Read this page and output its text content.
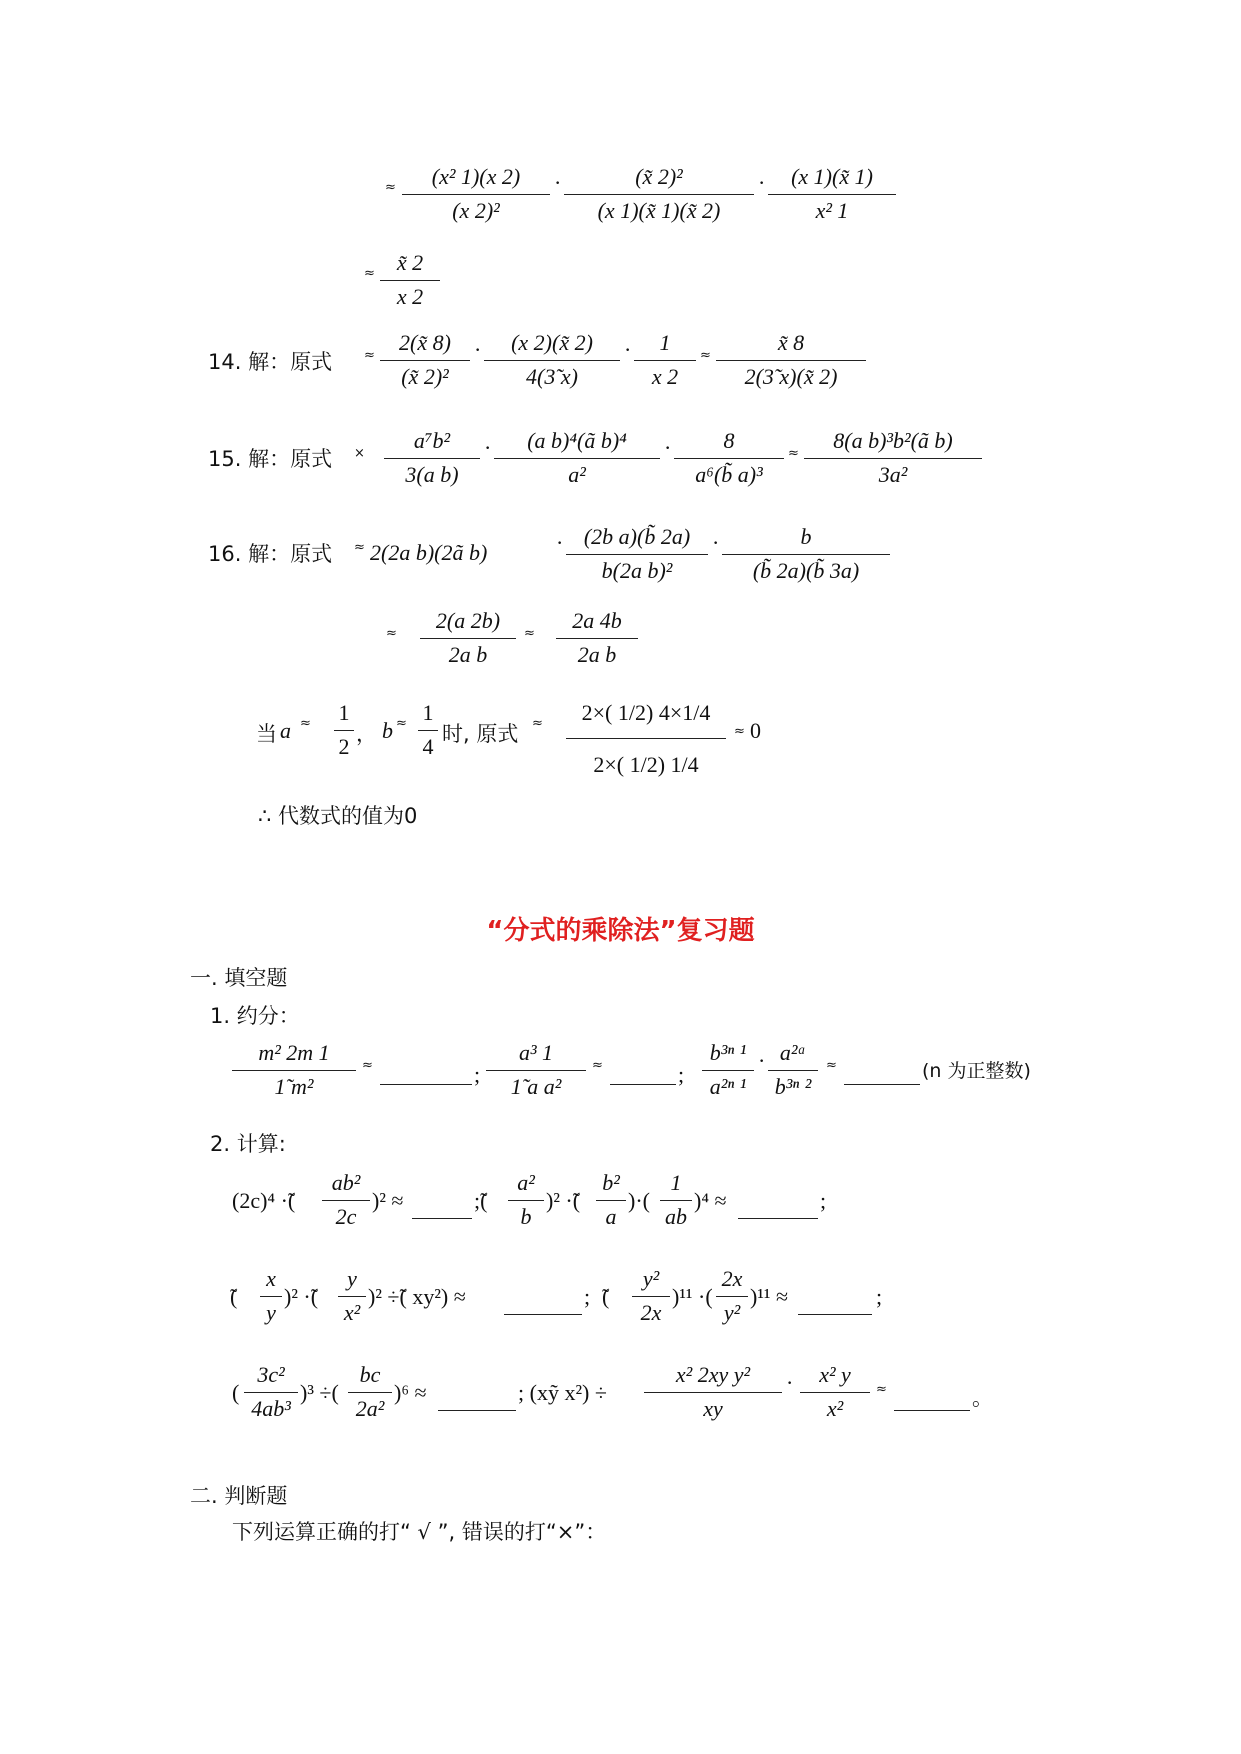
≈	(x² 1)(x 2)
(x 2)²
·	(x̃ 2)²
(x 1)(x̃ 1)(x̃ 2)
·	(x 1)(x̃ 1)
x² 1
≈	x̃ 2
x 2
14. 解：原式 ≈
2(x̃ 8)
(x̃ 2)²
·	(x 2)(x̃ 2)
4(3̃ x)
·	1
x 2
≈
x̃ 8
2(3̃ x)(x̃ 2)
15. 解：原式 ×
a⁷b²
3(a b)
·	(a b)⁴(ã b)⁴
a²
·	8
a⁶(b̃ a)³
≈
8(a b)³b²(ã b)
3a²
16. 解：原式 ≈ 2(2a b)(2ã b)	· (2b a)(b̃ 2a)
b(2a b)²
·	b
(b̃ 2a)(b̃ 3a)
≈
2(a 2b)
2a b
≈
2a 4b
2a b
当 a ≈ 1
2 ， b ≈ 1
4 时, 原式 ≈	2×( 1/2) 4×1/4
2×( 1/2) 1/4
≈ 0
∴ 代数式的值为0
“分式的乘除法”复习题
一. 填空题
1. 约分：
m² 2m 1
1̃ m²
≈	;
a³ 1
1̃ a a²
≈	;
b³ⁿ ¹
a²ⁿ ¹
· a²ᵃ
b³ⁿ ²
≈	(n 为正整数)
2. 计算:
(2c)⁴ ·̃(
ab²
2c
)² ≈	;̃(
a²
b
)² ·̃(
b²
a
)·(
1
ab
)⁴ ≈	;
̃(
x
y
)² ·̃(
y
x²
)² ÷̃( xy²) ≈	; ̃(
y²
2x
)¹¹ ·(
2x
y²
)¹¹ ≈	;
(
3c²
4ab³
)³ ÷(
bc
2a²
)⁶ ≈	; (xỹ x²) ÷
x² 2xy y²
xy
·	x² y
x²
≈	。
二. 判断题
下列运算正确的打“ √ ”, 错误的打“×”：
